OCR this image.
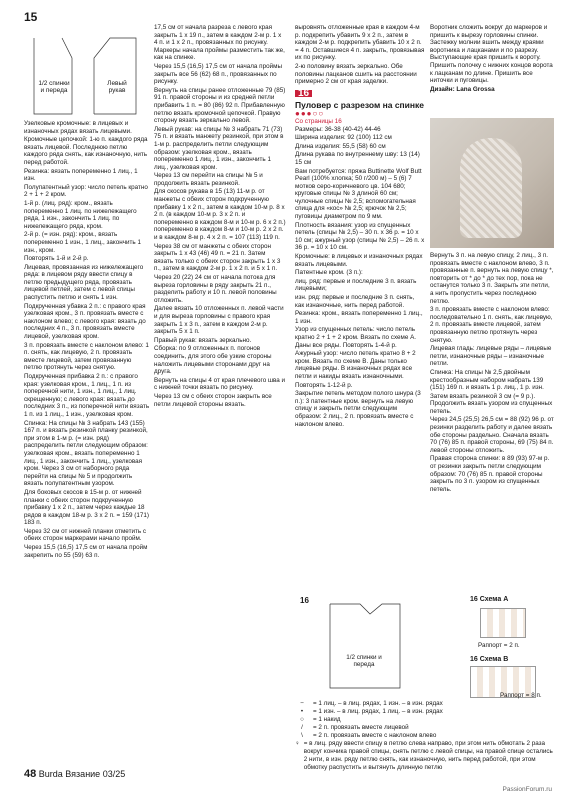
15
1/2 спинки и переда
Левый рукав

Узелковые кромочные: в лицевых и изнаночных рядах вязать лицевыми.

Кромочные цепочкой: 1-ю п. каждого ряда вязать лицевой. Последнюю петлю каждого ряда снять, как изнаночную, нить перед работой.

Резинка: вязать попеременно 1 лиц., 1 изн.

Полупатентный узор: число петель кратно 2 + 1 + 2 кром.

1-й р. (лиц. ряд): кром., вязать попеременно 1 лиц. по нижележащего ряда, 1 изн., закончить 1 лиц. по нижележащего ряда, кром.

2-й р. (= изн. ряд): кром., вязать попеременно 1 изн., 1 лиц., закончить 1 изн., кром.

Повторять 1-й и 2-й р.

Лицевая, провязанная из нижележащего ряда: в лицевом ряду ввести спицу в петлю предыдущего ряда, провязать лицевой петлей, затем с левой спицы распустить петлю и снять 1 изн.

Подкрученная убавка 2 п.: с правого края узелковая кром., 3 п. провязать вместе с наклоном влево; с левого края: вязать до последних 4 п., 3 п. провязать вместе лицевой, узелковая кром.

3 п. провязать вместе с наклоном влево: 1 п. снять, как лицевую, 2 п. провязать вместе лицевой, затем провязанную петлю протянуть через снятую.

Подкрученная прибавка 2 п.: с правого края: узелковая кром., 1 лиц., 1 п. из поперечной нити, 1 изн., 1 лиц., 1 лиц. скрещенную; с левого края: вязать до последних 3 п., из поперечной нити вязать 1 п. из 1 лиц., 1 изн., узелковая кром.

Спинка: На спицы № 3 набрать 143 (155) 167 п. и вязать резинкой планку резинкой, при этом в 1-м р. (= изн. ряд) распределить петли следующим образом: узелковая кром., вязать попеременно 1 лиц., 1 изн., закончить 1 лиц., узелковая кром. Через 3 см от наборного ряда перейти на спицы № 5 и продолжить вязать полупатентным узором.

Для боковых скосов в 15-м р. от нижней планки с обеих сторон подкрученную прибавку 1 х 2 п., затем через каждые 18 рядов в каждом 18-м р. 3 х 2 п. = 159 (171) 183 п.

Через 32 см от нижней планки отметить с обеих сторон маркерами начало пройм.

Через 15,5 (16,5) 17,5 см от начала пройм закрепить по 55 (59) 63 п.

17,5 см от начала разреза с левого края закрыть 1 х 19 п., затем в каждом 2-м р. 1 х 4 п. и 1 х 2 п., провязанных по рисунку. Маркеры начала проймы разместить так же, как на спинке.

Через 15,5 (16,5) 17,5 см от начала проймы закрыть все 56 (62) 68 п., провязанных по рисунку.

Вернуть на спицы ранее отложенные 79 (85) 91 п. правой стороны и из средней петли прибавить 1 п. = 80 (86) 92 п. Прибавленную петлю вязать кромочной цепочкой. Правую сторону вязать зеркально левой.

Левый рукав: на спицы № 3 набрать 71 (73) 75 п. и вязать манжету резинкой, при этом в 1-м р. распределить петли следующим образом: узелковая кром., вязать попеременно 1 лиц., 1 изн., закончить 1 лиц., узелковая кром.

Через 13 см перейти на спицы № 5 и продолжить вязать резинкой.

Для скосов рукава в 15 (13) 11-м р. от манжеты с обеих сторон подкрученную прибавку 1 х 2 п., затем в каждом 10-м р. 8 х 2 п. (в каждом 10-м р. 3 х 2 п. и попеременно в каждом 8-м и 10-м р. 6 х 2 п.) попеременно в каждом 8-м и 10-м р. 2 х 2 п. и в каждом 8-м р. 4 х 2 п. = 107 (113) 119 п.

Через 38 см от манжеты с обеих сторон закрыть 1 х 43 (46) 49 п. = 21 п. Затем вязать только с обеих сторон закрыть 1 х 3 п., затем в каждом 2-м р. 1 х 2 п. и 5 х 1 п.

Через 20 (22) 24 см от начала потока для выреза горловины в ряду закрыть 21 п., разделить работу и 10 п. левой половины отложить.

Далее вязать 10 отложенных п. левой части и для выреза горловины с правого края закрыть 1 х 3 п., затем в каждом 2-м р. закрыть 5 х 1 п.

Правый рукав: вязать зеркально.

Сборка: по 9 отложенных п. погонов соединить, для этого обе узкие стороны наложить лицевыми сторонами друг на друга.

Вернуть на спицы 4 от края плечевого шва и с нижней точки вязать по рисунку.

Через 13 см с обеих сторон закрыть все петли лицевой стороны вязать.

выровнять отложенные края в каждом 4-м р. подкрепить убавить 9 х 2 п., затем в каждом 2-м р. подкрепить убавить 10 х 2 п. = 4 п. Оставшиеся 4 п. закрыть, провязывая их по рисунку.

2-ю половину вязать зеркально. Обе половины лацканов сшить на расстоянии примерно 2 см от края заделки.

16
Пуловер с разрезом на спинке
●●●○○
Со страницы 16

Размеры: 36-38 (40-42) 44-46

Ширина изделия: 92 (100) 112 см

Длина изделия: 55,5 (58) 60 см

Длина рукава по внутреннему шву: 13 (14) 15 см

Вам потребуется: пряжа Buttinette Wolf Butt Pearl (100% хлопка; 50 г/200 м) – 5 (6) 7 мотков серо-коричневого цв. 104 680; круговые спицы № 3 длиной 60 см; чулочные спицы № 2,5; вспомогательная спица для «кос» № 2,5; крючок № 2,5; пуговицы диаметром по 9 мм.

Плотность вязания: узор из спущенных петель (спицы № 2,5) – 30 п. х 36 р. = 10 х 10 см; ажурный узор (спицы № 2,5) – 26 п. х 36 р. = 10 х 10 см.

Кромочные: в лицевых и изнаночных рядах вязать лицевыми.

Патентные кром. (3 п.):

лиц. ряд: первые и последние 3 п. вязать лицевыми;

изн. ряд: первые и последние 3 п. снять, как изнаночные, нить перед работой.

Резинка: кром., вязать попеременно 1 лиц., 1 изн.

Узор из спущенных петель: число петель кратно 2 + 1 + 2 кром. Вязать по схеме А. Даны все ряды. Повторять 1-4-й р.

Ажурный узор: число петель кратно 8 + 2 кром. Вязать по схеме В. Даны только лицевые ряды. В изнаночных рядах все петли и накиды вязать изнаночными.

Повторять 1-12-й р.

Закрытие петель методом полого шнура (3 п.): 3 патентные кром. вернуть на левую спицу и закрыть петли следующим образом: 2 лиц., 2 п. провязать вместе с наклоном влево.

Воротник сложить вокруг до маркеров и пришить к вырезу горловины спинки. Застежку молнии вшить между краями воротника и лацканами и по разрезу. Выступающие края пришить к вороту. Пришить полочку с нижних концов ворота к лацканам по длине. Пришить все ниточки и пуговицы.

Дизайн: Lana Grossa

Вернуть 3 п. на левую спицу, 2 лиц., 3 п. провязать вместе с наклоном влево, 3 п. провязанные п. вернуть на левую спицу *, повторить от * до * до тех пор, пока не останутся только 3 п. Закрыть эти петли, а нить пропустить через последнюю петлю.

3 п. провязать вместе с наклоном влево: последовательно 1 п. снять, как лицевую, 2 п. провязать вместе лицевой, затем провязанную петлю протянуть через снятую.

Лицевая гладь: лицевые ряды – лицевые петли, изнаночные ряды – изнаночные петли.

Спинка: На спицы № 2,5 двойным крестообразным набором набрать 139 (151) 169 п. и вязать 1 р. лиц., 1 р. изн.

Затем вязать резинкой 3 см (= 9 р.). Продолжить вязать узором из спущенных петель.

Через 24,5 (25,5) 26,5 см = 88 (92) 96 р. от резинки разделить работу и далее вязать обе стороны раздельно. Сначала вязать 70 (76) 85 п. правой стороны, 69 (75) 84 п. левой стороны отложить.

Правая сторона спинки: в 89 (93) 97-м р. от резинки закрыть петли следующим образом: 70 (76) 85 п. правой стороны закрыть по 3 п. узором из спущенных петель.

16
1/2 спинки и переда
16 Схема А
Раппорт = 2 п.
16 Схема В
Раппорт = 8 п.
−	= 1 лиц. – в лиц. рядах, 1 изн. – в изн. рядах
•	= 1 изн. – в лиц. рядах, 1 лиц. – в изн. рядах
○	= 1 накид
/	= 2 п. провязать вместе лицевой
\	= 2 п. провязать вместе с наклоном влево
♀ = в лиц. ряду ввести спицу в петлю слева направо, при этом нить обмотать 2 раза вокруг кончика правой спицы, снять петлю с левой спицы, на правой спице остались 2 нити, в изн. ряду петлю снять, как изнаночную, нить перед работой, при этом обмотку распустить и вытянуть длинную петлю
48 Burda Вязание 03/25
PassionForum.ru
